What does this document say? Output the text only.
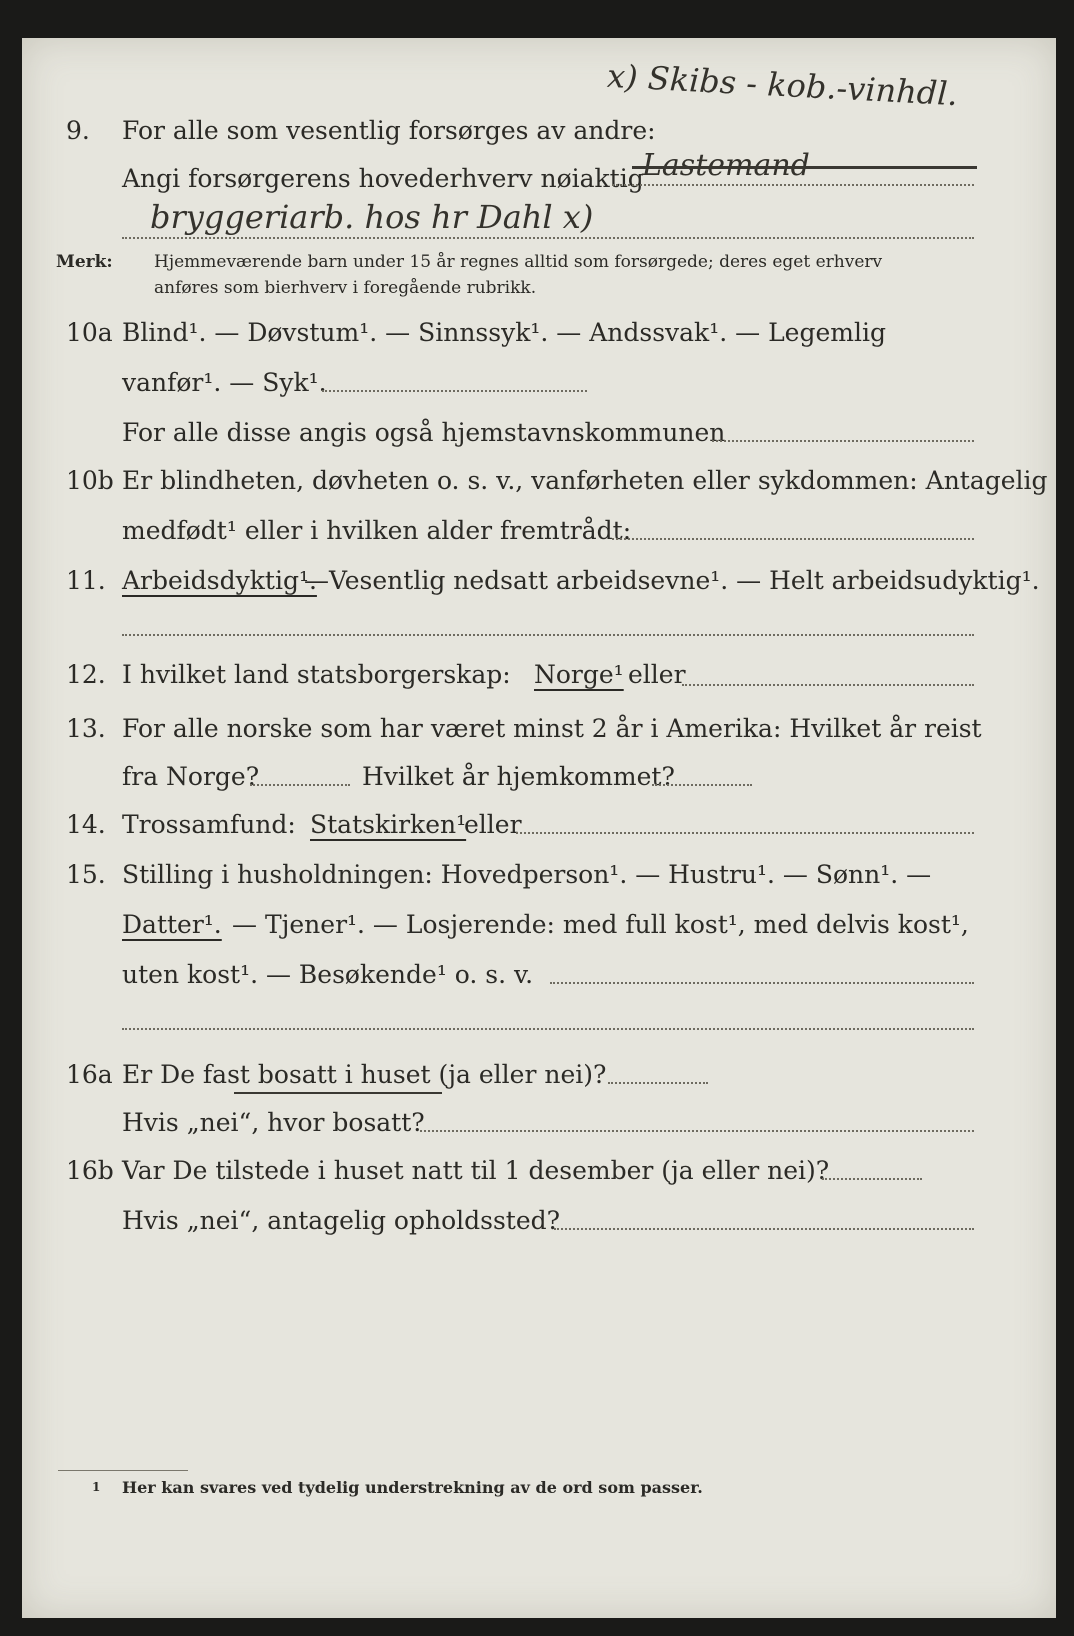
x) Skibs - kob.-vinhdl.
9. For alle som vesentlig forsørges av andre:
Angi forsørgerens hovederhverv nøiaktig
Lastemand
bryggeriarb. hos hr Dahl x)
Merk: Hjemmeværende barn under 15 år regnes alltid som forsørgede; deres eget erhverv
anføres som bierhverv i foregående rubrikk.
10a Blind¹. — Døvstum¹. — Sinnssyk¹. — Andssvak¹. — Legemlig
vanfør¹. — Syk¹.
For alle disse angis også hjemstavnskommunen
10b Er blindheten, døvheten o. s. v., vanførheten eller sykdommen: Antagelig
medfødt¹ eller i hvilken alder fremtrådt:
11. Arbeidsdyktig¹.
—Vesentlig nedsatt arbeidsevne¹. — Helt arbeidsudyktig¹.
12. I hvilket land statsborgerskap: Norge¹ eller
13. For alle norske som har været minst 2 år i Amerika: Hvilket år reist
fra Norge?	Hvilket år hjemkommet?
14. Trossamfund: Statskirken¹
eller
15. Stilling i husholdningen: Hovedperson¹. — Hustru¹. — Sønn¹. —
Datter¹. — Tjener¹. — Losjerende: med full kost¹, med delvis kost¹,
uten kost¹. — Besøkende¹ o. s. v.
16a Er De fast bosatt i huset (ja eller nei)?
Hvis „nei“, hvor bosatt?
16b Var De tilstede i huset natt til 1 desember (ja eller nei)?
Hvis „nei“, antagelig opholdssted?
1 Her kan svares ved tydelig understrekning av de ord som passer.
